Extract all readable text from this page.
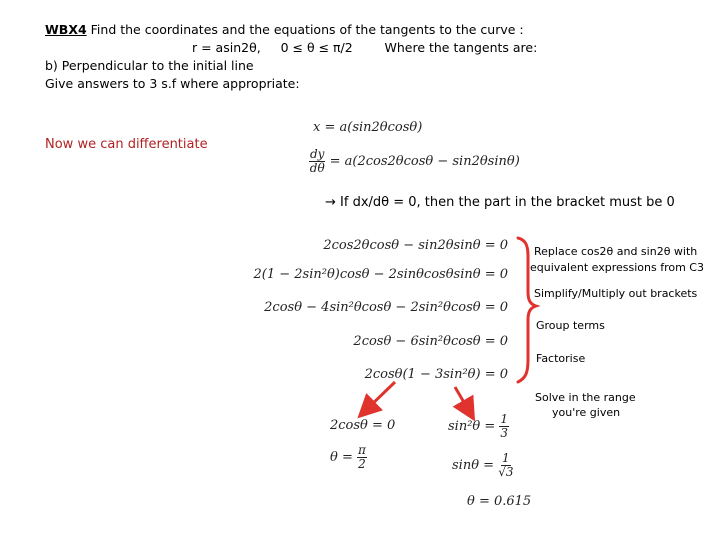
WBX4 Find the coordinates and the equations of the tangents to the curve :
r = asin2θ,     0 ≤ θ ≤ π/2        Where the tangents are:
b) Perpendicular to the initial line
Give answers to 3 s.f where appropriate:
Now we can differentiate
x = a(sin2θcosθ)
$\frac{dy}{d\theta} = a(2\cos 2\theta\cos\theta - \sin 2\theta\sin\theta)$
→ If dx/dθ = 0, then the part in the bracket must be 0
2cos2θcosθ − sin2θsinθ = 0
2(1 − 2sin²θ)cosθ − 2sinθcosθsinθ = 0
2cosθ − 4sin²θcosθ − 2sin²θcosθ = 0
2cosθ − 6sin²θcosθ = 0
2cosθ(1 − 3sin²θ) = 0
Replace cos2θ and sin2θ with
equivalent expressions from C3
Simplify/Multiply out brackets
Group terms
Factorise
Solve in the range
you're given
2cosθ = 0
$\theta = \frac{\pi}{2}$
$\sin^2\theta = \frac{1}{3}$
$\sin\theta = \frac{1}{√3}$
θ = 0.615
